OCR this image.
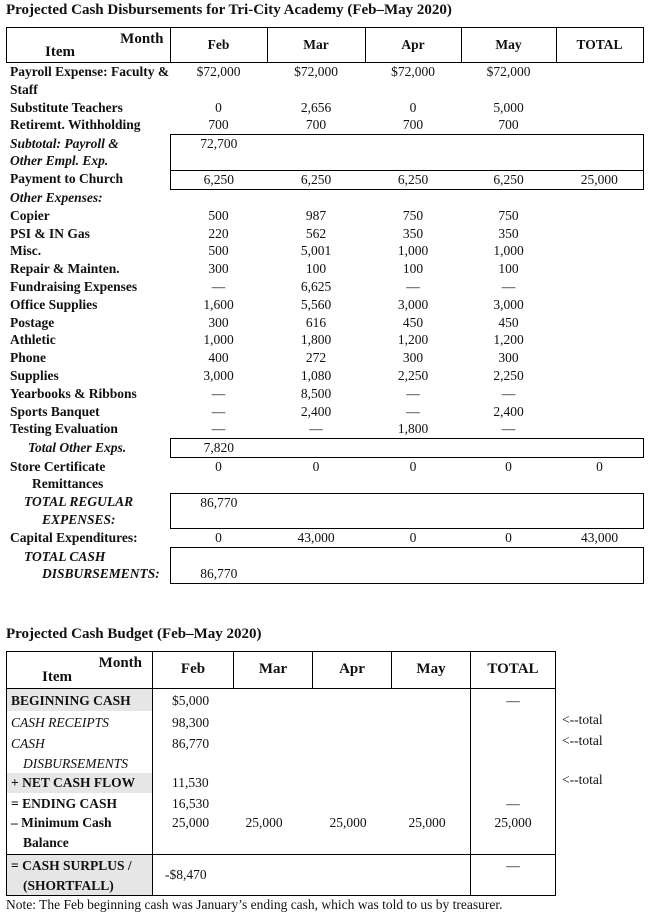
Projected Cash Disbursements for Tri-City Academy (Feb–May 2020)
Month
Item	Feb	Mar	Apr	May	TOTAL

Payroll Expense: Faculty & Staff	$72,000	$72,000	$72,000	$72,000	
Substitute Teachers	0	2,656	0	5,000	
Retiremt. Withholding	700	700	700	700	

Subtotal: Payroll & Other Empl. Exp.	72,700				
Payment to Church	6,250	6,250	6,250	6,250	25,000
Other Expenses:					
Copier	500	987	750	750	
PSI & IN Gas	220	562	350	350	
Misc.	500	5,001	1,000	1,000	
Repair & Mainten.	300	100	100	100	
Fundraising Expenses	—	6,625	—	—	
Office Supplies	1,600	5,560	3,000	3,000	
Postage	300	616	450	450	
Athletic	1,000	1,800	1,200	1,200	
Phone	400	272	300	300	
Supplies	3,000	1,080	2,250	2,250	
Yearbooks & Ribbons	—	8,500	—	—	
Sports Banquet	—	2,400	—	2,400	
Testing Evaluation	—	—	1,800	—	
Total Other Exps.	7,820				

Store Certificate
Remittances	0	0	0	0	0

TOTAL REGULAR
EXPENSES:	86,770				
Capital Expenditures:	0	43,000	0	0	43,000

TOTAL CASH
DISBURSEMENTS:	86,770				
Projected Cash Budget (Feb–May 2020)
Month
Item	Feb	Mar	Apr	May	TOTAL
BEGINNING CASH	$5,000				—
CASH RECEIPTS	98,300				

CASH
DISBURSEMENTS	86,770				
+ NET CASH FLOW	11,530				
= ENDING CASH	16,530				—

– Minimum Cash
Balance	25,000	25,000	25,000	25,000	25,000

= CASH SURPLUS /
(SHORTFALL)	-$8,470				—
<--total
<--total
<--total
Note: The Feb beginning cash was January’s ending cash, which was told to us by treasurer.
